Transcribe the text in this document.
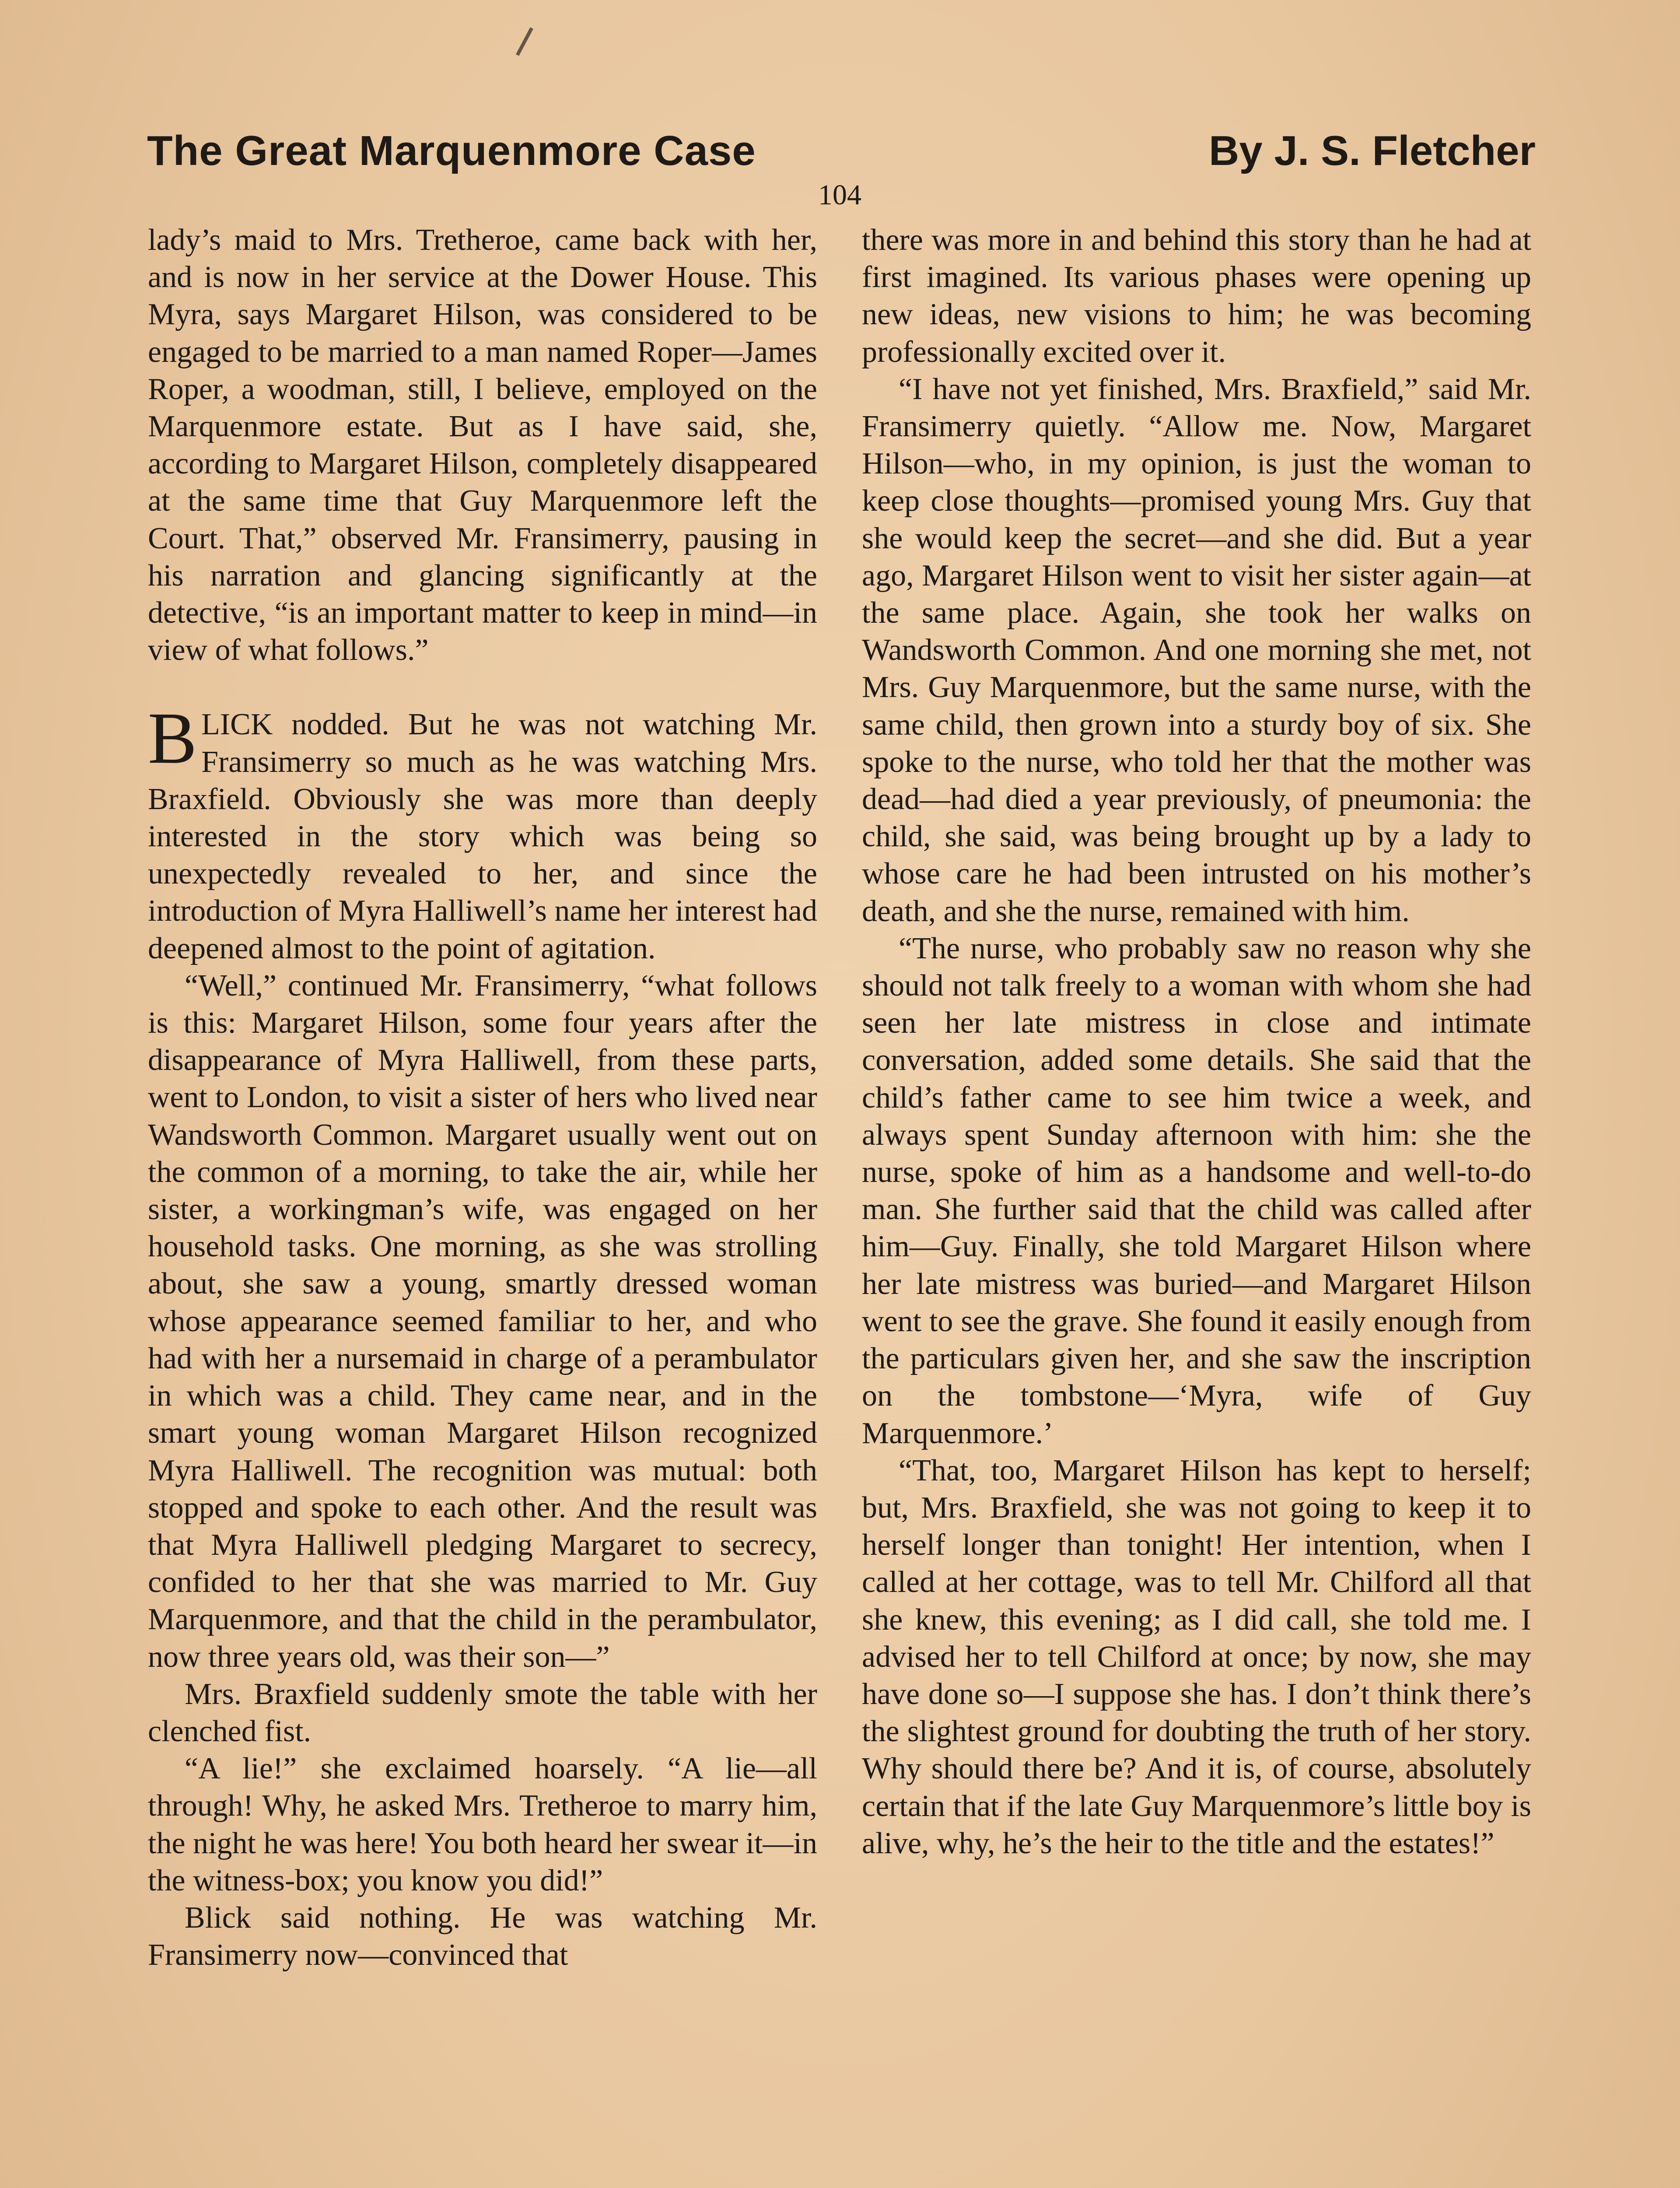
The Great Marquenmore Case	By J. S. Fletcher
104

lady’s maid to Mrs. Tretheroe, came back with her, and is now in her service at the Dower House. This Myra, says Margaret Hilson, was considered to be engaged to be married to a man named Roper—James Roper, a woodman, still, I believe, employed on the Marquenmore estate. But as I have said, she, according to Margaret Hilson, completely disappeared at the same time that Guy Marquenmore left the Court. That,” observed Mr. Fransimerry, pausing in his narration and glancing significantly at the detective, “is an important matter to keep in mind—in view of what follows.”

BLICK nodded. But he was not watching Mr. Fransimerry so much as he was watching Mrs. Braxfield. Obviously she was more than deeply interested in the story which was being so unexpectedly revealed to her, and since the introduction of Myra Halliwell’s name her interest had deepened almost to the point of agitation.

“Well,” continued Mr. Fransimerry, “what follows is this: Margaret Hilson, some four years after the disappearance of Myra Halliwell, from these parts, went to London, to visit a sister of hers who lived near Wandsworth Common. Margaret usually went out on the common of a morning, to take the air, while her sister, a workingman’s wife, was engaged on her household tasks. One morning, as she was strolling about, she saw a young, smartly dressed woman whose appearance seemed familiar to her, and who had with her a nursemaid in charge of a perambulator in which was a child. They came near, and in the smart young woman Margaret Hilson recognized Myra Halliwell. The recognition was mutual: both stopped and spoke to each other. And the result was that Myra Halliwell pledging Margaret to secrecy, confided to her that she was married to Mr. Guy Marquenmore, and that the child in the perambulator, now three years old, was their son—”

Mrs. Braxfield suddenly smote the table with her clenched fist.

“A lie!” she exclaimed hoarsely. “A lie—all through! Why, he asked Mrs. Tretheroe to marry him, the night he was here! You both heard her swear it—in the witness-box; you know you did!”

Blick said nothing. He was watching Mr. Fransimerry now—convinced that

there was more in and behind this story than he had at first imagined. Its various phases were opening up new ideas, new visions to him; he was becoming professionally excited over it.

“I have not yet finished, Mrs. Braxfield,” said Mr. Fransimerry quietly. “Allow me. Now, Margaret Hilson—who, in my opinion, is just the woman to keep close thoughts—promised young Mrs. Guy that she would keep the secret—and she did. But a year ago, Margaret Hilson went to visit her sister again—at the same place. Again, she took her walks on Wandsworth Common. And one morning she met, not Mrs. Guy Marquenmore, but the same nurse, with the same child, then grown into a sturdy boy of six. She spoke to the nurse, who told her that the mother was dead—had died a year previously, of pneumonia: the child, she said, was being brought up by a lady to whose care he had been intrusted on his mother’s death, and she the nurse, remained with him.

“The nurse, who probably saw no reason why she should not talk freely to a woman with whom she had seen her late mistress in close and intimate conversation, added some details. She said that the child’s father came to see him twice a week, and always spent Sunday afternoon with him: she the nurse, spoke of him as a handsome and well-to-do man. She further said that the child was called after him—Guy. Finally, she told Margaret Hilson where her late mistress was buried—and Margaret Hilson went to see the grave. She found it easily enough from the particulars given her, and she saw the inscription on the tombstone—‘Myra, wife of Guy Marquenmore.’

“That, too, Margaret Hilson has kept to herself; but, Mrs. Braxfield, she was not going to keep it to herself longer than tonight! Her intention, when I called at her cottage, was to tell Mr. Chilford all that she knew, this evening; as I did call, she told me. I advised her to tell Chilford at once; by now, she may have done so—I suppose she has. I don’t think there’s the slightest ground for doubting the truth of her story. Why should there be? And it is, of course, absolutely certain that if the late Guy Marquenmore’s little boy is alive, why, he’s the heir to the title and the estates!”
